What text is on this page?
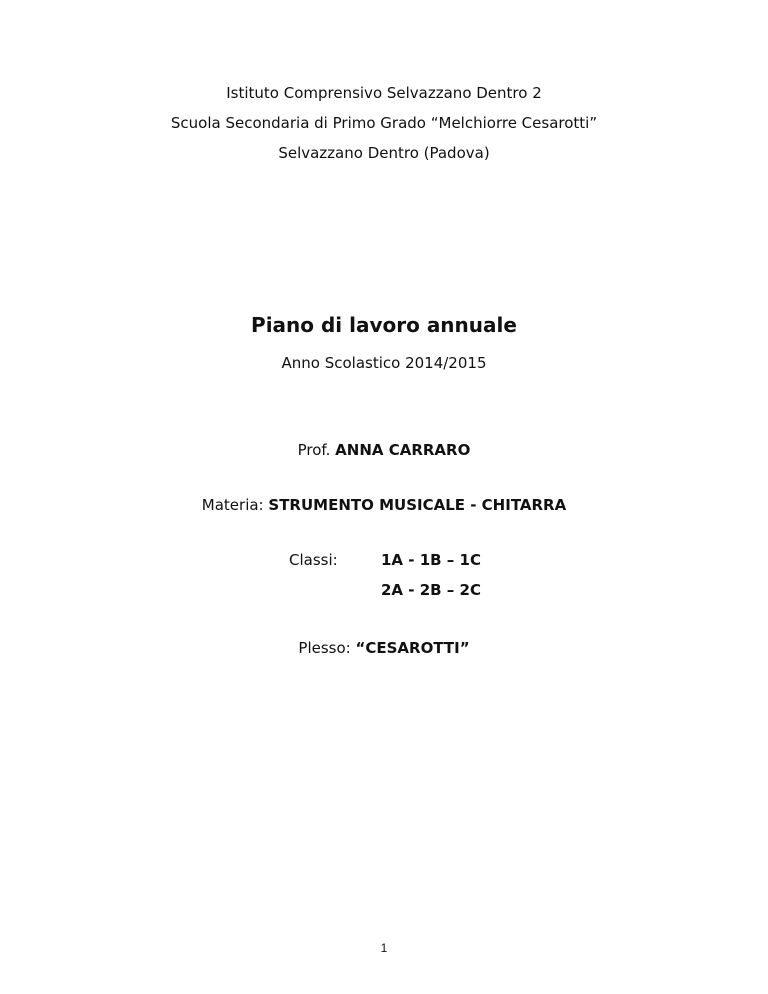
Istituto Comprensivo Selvazzano Dentro 2
Scuola Secondaria di Primo Grado “Melchiorre Cesarotti”
Selvazzano Dentro (Padova)
Piano di lavoro annuale
Anno Scolastico 2014/2015
Prof. ANNA CARRARO
Materia: STRUMENTO MUSICALE - CHITARRA
Classi:	1A - 1B – 1C
2A - 2B – 2C
Plesso: “CESAROTTI”
1
